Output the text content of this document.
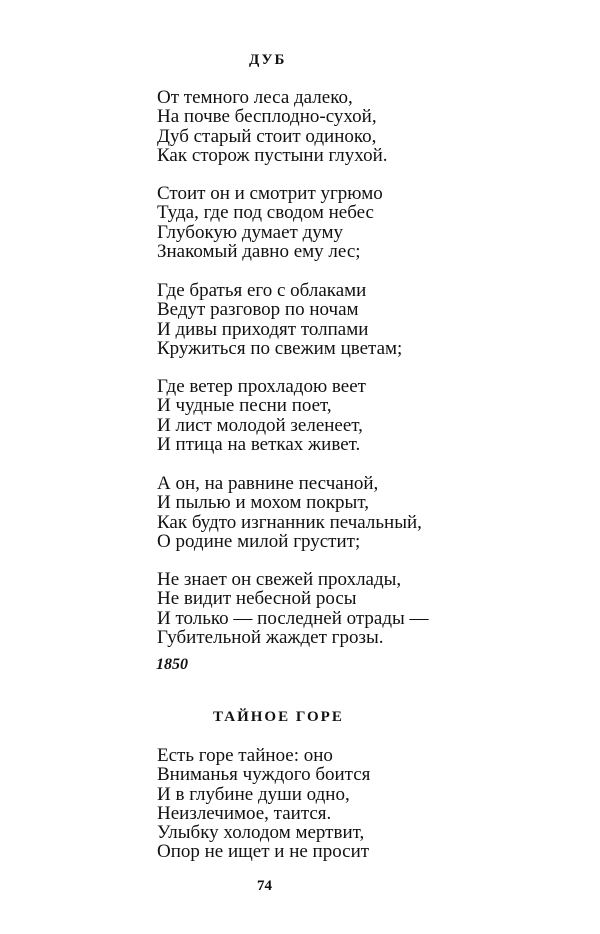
ДУБ
От темного леса далеко,
На почве бесплодно-сухой,
Дуб старый стоит одиноко,
Как сторож пустыни глухой.
Стоит он и смотрит угрюмо
Туда, где под сводом небес
Глубокую думает думу
Знакомый давно ему лес;
Где братья его с облаками
Ведут разговор по ночам
И дивы приходят толпами
Кружиться по свежим цветам;
Где ветер прохладою веет
И чудные песни поет,
И лист молодой зеленеет,
И птица на ветках живет.
А он, на равнине песчаной,
И пылью и мохом покрыт,
Как будто изгнанник печальный,
О родине милой грустит;
Не знает он свежей прохлады,
Не видит небесной росы
И только — последней отрады —
Губительной жаждет грозы.
1850
ТАЙНОЕ ГОРЕ
Есть горе тайное: оно
Вниманья чуждого боится
И в глубине души одно,
Неизлечимое, таится.
Улыбку холодом мертвит,
Опор не ищет и не просит
74
